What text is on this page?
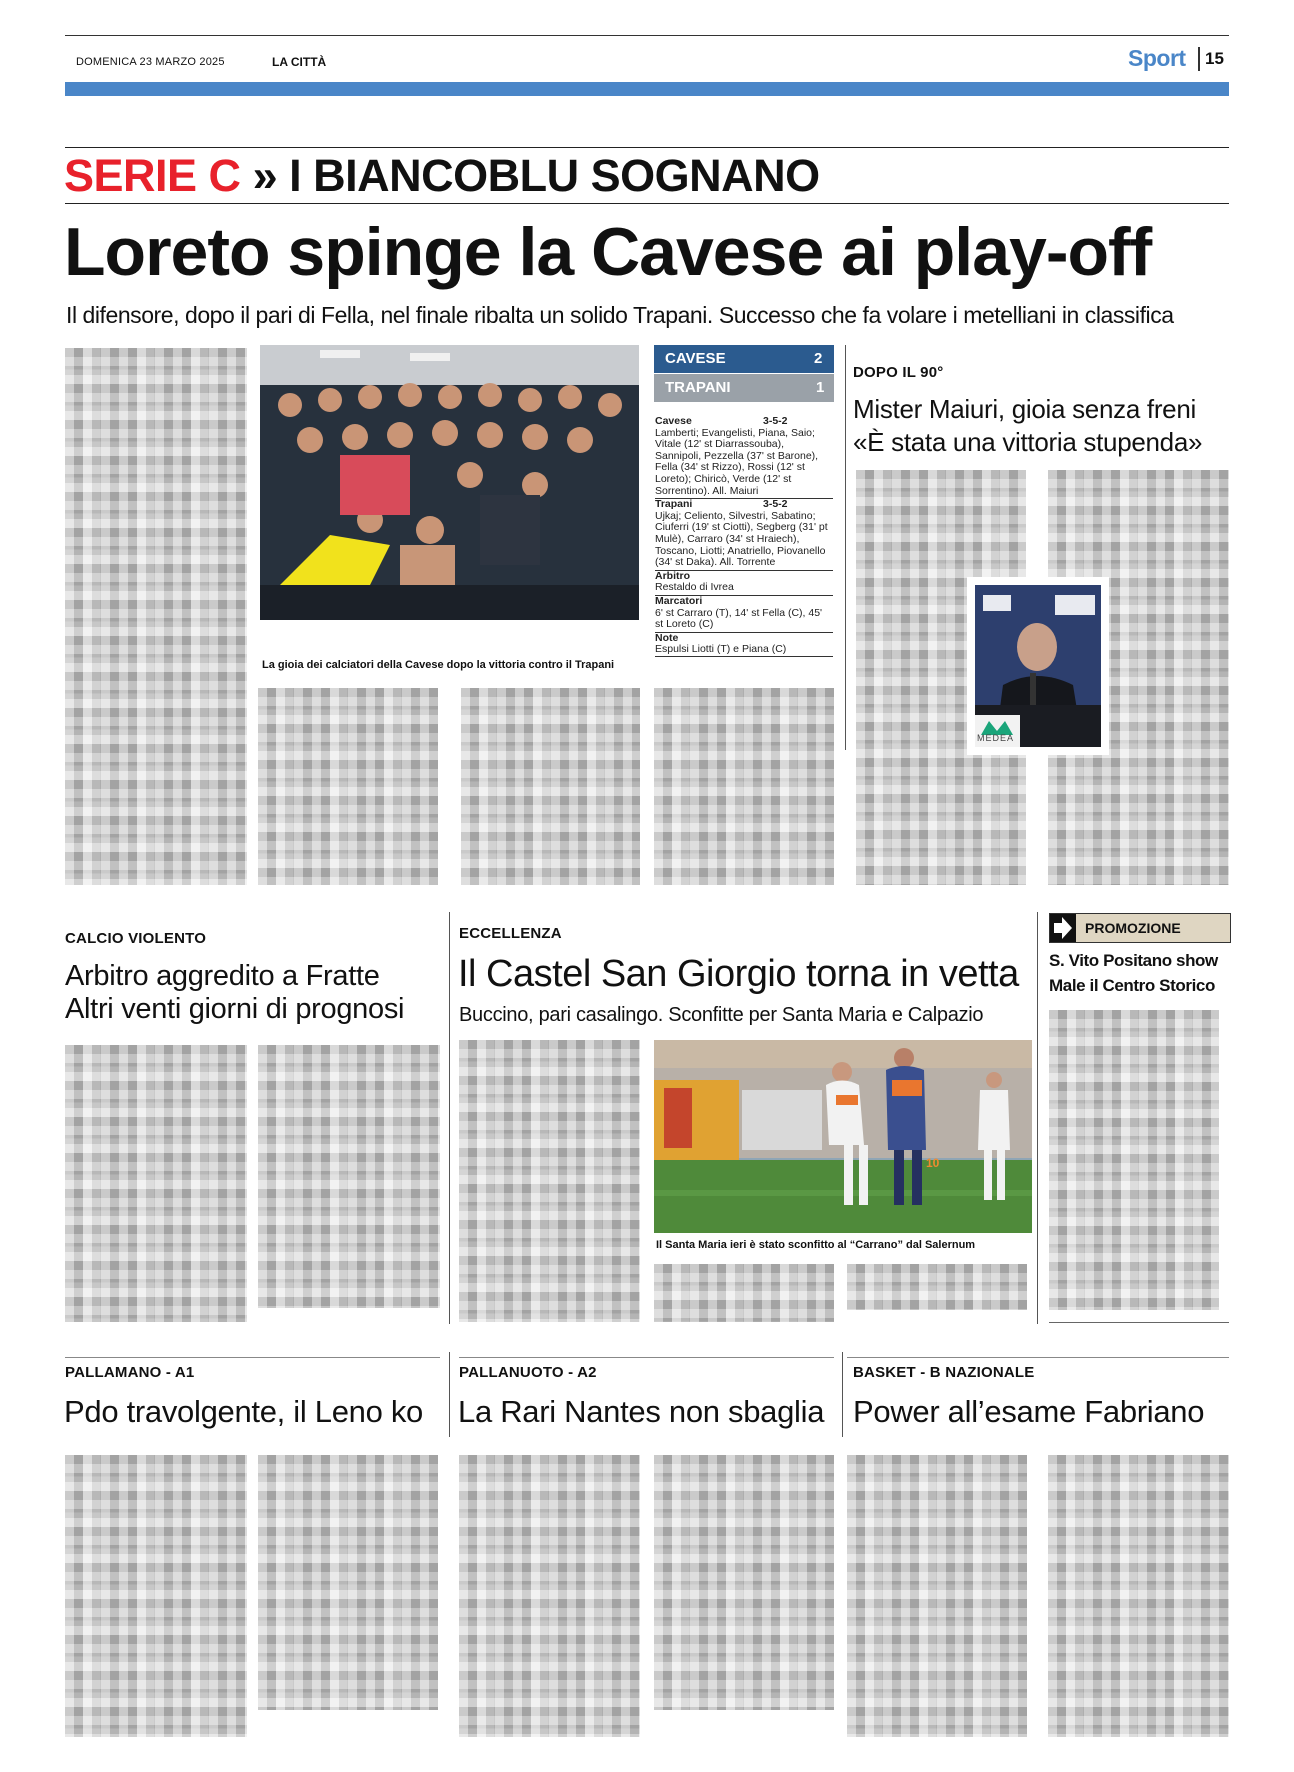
DOMENICA 23 MARZO 2025	LA CITTÀ	Sport 15
SERIE C » I BIANCOBLU SOGNANO
Loreto spinge la Cavese ai play-off
Il difensore, dopo il pari di Fella, nel finale ribalta un solido Trapani. Successo che fa volare i metelliani in classifica
La gioia dei calciatori della Cavese dopo la vittoria contro il Trapani
CAVESE	2
TRAPANI	1
Cavese	3-5-2
Lamberti; Evangelisti, Piana, Saio; Vitale (12' st Diarrassouba), Sannipoli, Pezzella (37' st Barone), Fella (34' st Rizzo), Rossi (12' st Loreto); Chiricò, Verde (12' st Sorrentino). All. Maiuri
Trapani	3-5-2
Ujkaj; Celiento, Silvestri, Sabatino; Ciuferri (19' st Ciotti), Segberg (31' pt Mulè), Carraro (34' st Hraiech), Toscano, Liotti; Anatriello, Piovanello (34' st Daka). All. Torrente
Arbitro
Restaldo di Ivrea
Marcatori
6' st Carraro (T), 14' st Fella (C), 45' st Loreto (C)
Note
Espulsi Liotti (T) e Piana (C)
DOPO IL 90°
Mister Maiuri, gioia senza freni
«È stata una vittoria stupenda»
MEDEA
CALCIO VIOLENTO
Arbitro aggredito a Fratte
Altri venti giorni di prognosi
ECCELLENZA
Il Castel San Giorgio torna in vetta
Buccino, pari casalingo. Sconfitte per Santa Maria e Calpazio
10
Il Santa Maria ieri è stato sconfitto al “Carrano” dal Salernum
PROMOZIONE
S. Vito Positano show
Male il Centro Storico
PALLAMANO - A1
Pdo travolgente, il Leno ko
PALLANUOTO - A2
La Rari Nantes non sbaglia
BASKET - B NAZIONALE
Power all’esame Fabriano
